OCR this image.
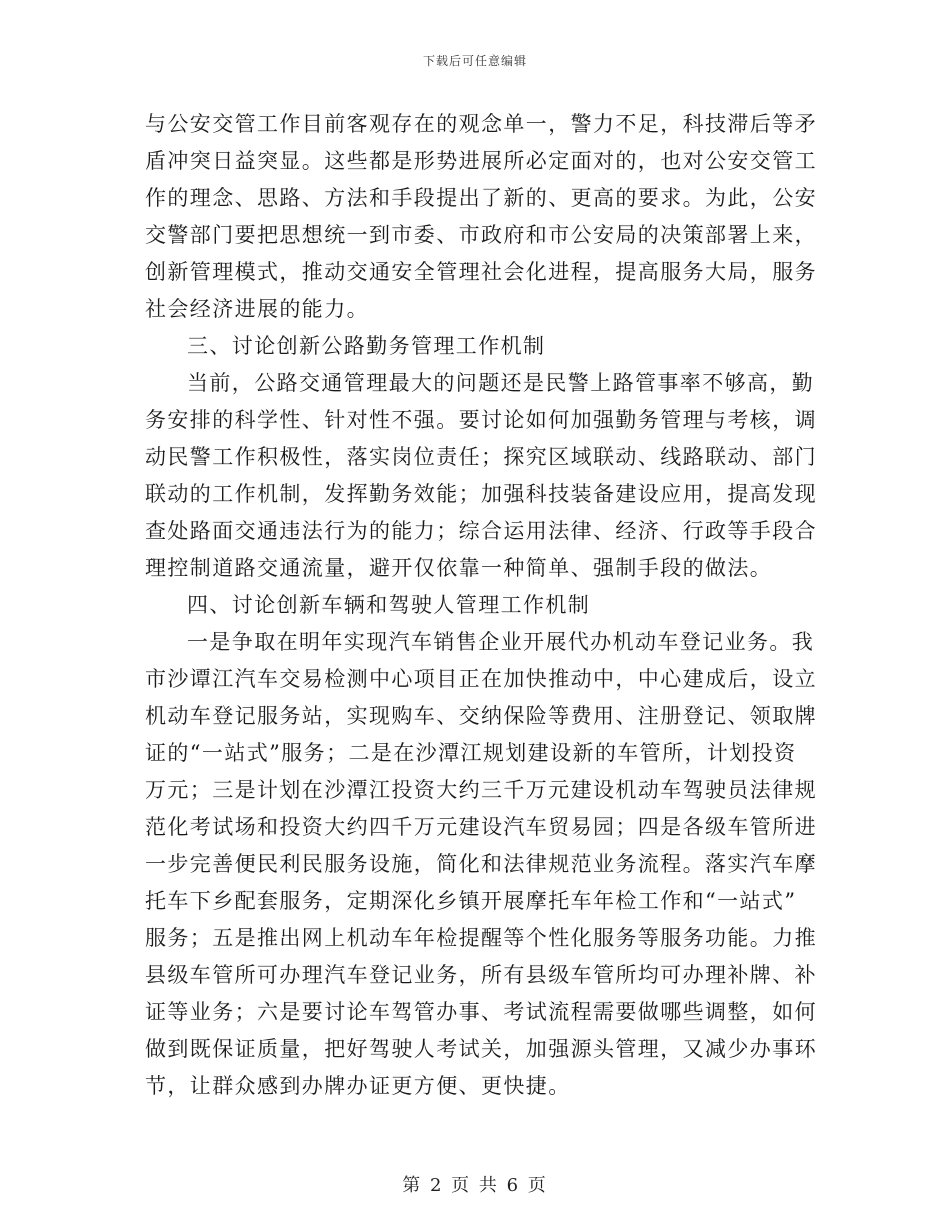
下载后可任意编辑
与公安交管工作目前客观存在的观念单一，警力不足，科技滞后等矛
盾冲突日益突显。这些都是形势进展所必定面对的，也对公安交管工
作的理念、思路、方法和手段提出了新的、更高的要求。为此，公安
交警部门要把思想统一到市委、市政府和市公安局的决策部署上来，
创新管理模式，推动交通安全管理社会化进程，提高服务大局，服务
社会经济进展的能力。
三、讨论创新公路勤务管理工作机制
当前，公路交通管理最大的问题还是民警上路管事率不够高，勤
务安排的科学性、针对性不强。要讨论如何加强勤务管理与考核，调
动民警工作积极性，落实岗位责任；探究区域联动、线路联动、部门
联动的工作机制，发挥勤务效能；加强科技装备建设应用，提高发现
查处路面交通违法行为的能力；综合运用法律、经济、行政等手段合
理控制道路交通流量，避开仅依靠一种简单、强制手段的做法。
四、讨论创新车辆和驾驶人管理工作机制
一是争取在明年实现汽车销售企业开展代办机动车登记业务。我
市沙谭江汽车交易检测中心项目正在加快推动中，中心建成后，设立
机动车登记服务站，实现购车、交纳保险等费用、注册登记、领取牌
证的“一站式”服务；二是在沙潭江规划建设新的车管所，计划投资
万元；三是计划在沙潭江投资大约三千万元建设机动车驾驶员法律规
范化考试场和投资大约四千万元建设汽车贸易园；四是各级车管所进
一步完善便民利民服务设施，简化和法律规范业务流程。落实汽车摩
托车下乡配套服务，定期深化乡镇开展摩托车年检工作和“一站式”
服务；五是推出网上机动车年检提醒等个性化服务等服务功能。力推
县级车管所可办理汽车登记业务，所有县级车管所均可办理补牌、补
证等业务；六是要讨论车驾管办事、考试流程需要做哪些调整，如何
做到既保证质量，把好驾驶人考试关，加强源头管理，又减少办事环
节，让群众感到办牌办证更方便、更快捷。
第 2 页 共 6 页
